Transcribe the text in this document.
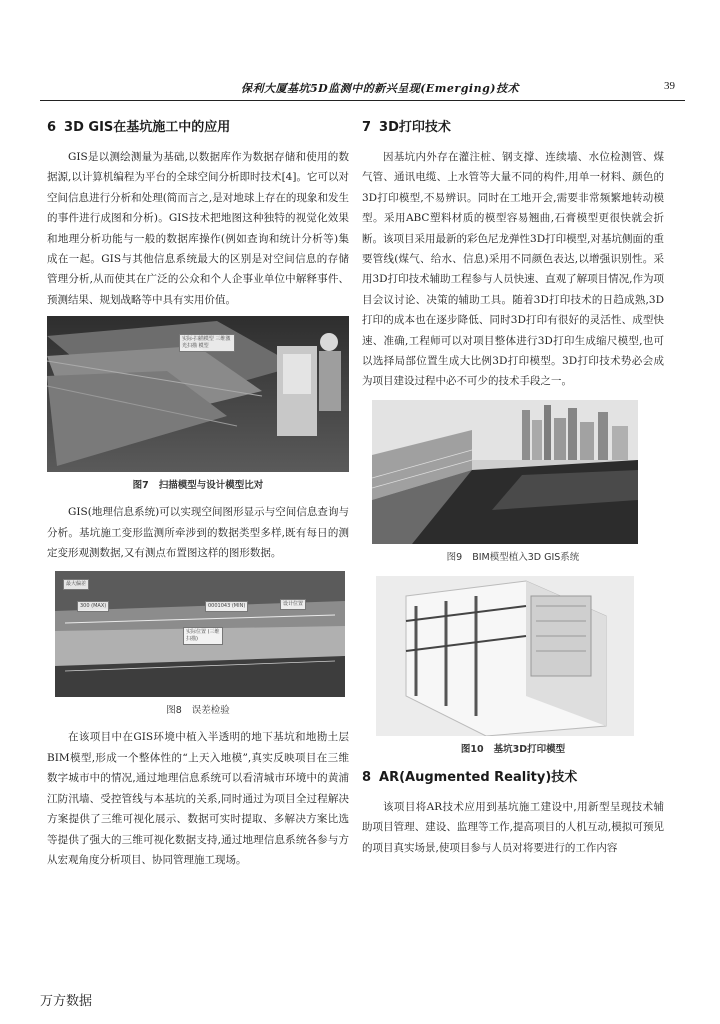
保利大厦基坑5D监测中的新兴呈现(Emerging)技术	39
6 3D GIS在基坑施工中的应用

GIS是以测绘测量为基础,以数据库作为数据存储和使用的数据源,以计算机编程为平台的全球空间分析即时技术[4]。它可以对空间信息进行分析和处理(简而言之,是对地球上存在的现象和发生的事件进行成图和分析)。GIS技术把地图这种独特的视觉化效果和地理分析功能与一般的数据库操作(例如查询和统计分析等)集成在一起。GIS与其他信息系统最大的区别是对空间信息的存储管理分析,从而使其在广泛的公众和个人企事业单位中解释事件、预测结果、规划战略等中具有实用价值。

实际-扫描模型 三维激光扫描 模型
图7 扫描模型与设计模型比对

GIS(地理信息系统)可以实现空间图形显示与空间信息查询与分析。基坑施工变形监测所牵涉到的数据类型多样,既有每日的测定变形观测数据,又有测点布置图这样的图形数据。

最大偏差
300 (MAX)	0001043 (MIN)	设计位置
实际位置 (三维扫描)
图8 误差检验

在该项目中在GIS环境中植入半透明的地下基坑和地勘土层BIM模型,形成一个整体性的“上天入地模”,真实反映项目在三维数字城市中的情况,通过地理信息系统可以看清城市环境中的黄浦江防汛墙、受控管线与本基坑的关系,同时通过为项目全过程解决方案提供了三维可视化展示、数据可实时提取、多解决方案比选等提供了强大的三维可视化数据支持,通过地理信息系统各参与方从宏观角度分析项目、协同管理施工现场。

7 3D打印技术

因基坑内外存在灌注桩、钢支撑、连续墙、水位检测管、煤气管、通讯电缆、上水管等大量不同的构件,用单一材料、颜色的3D打印模型,不易辨识。同时在工地开会,需要非常频繁地转动模型。采用ABC塑料材质的模型容易翘曲,石膏模型更很快就会折断。该项目采用最新的彩色尼龙弹性3D打印模型,对基坑侧面的重要管线(煤气、给水、信息)采用不同颜色表达,以增强识别性。采用3D打印技术辅助工程参与人员快速、直观了解项目情况,作为项目会议讨论、决策的辅助工具。随着3D打印技术的日趋成熟,3D打印的成本也在逐步降低、同时3D打印有很好的灵活性、成型快速、准确,工程师可以对项目整体进行3D打印生成缩尺模型,也可以选择局部位置生成大比例3D打印模型。3D打印技术势必会成为项目建设过程中必不可少的技术手段之一。

图9 BIM模型植入3D GIS系统
图10 基坑3D打印模型
8 AR(Augmented Reality)技术

该项目将AR技术应用到基坑施工建设中,用新型呈现技术辅助项目管理、建设、监理等工作,提高项目的人机互动,模拟可预见的项目真实场景,使项目参与人员对将要进行的工作内容

万方数据
